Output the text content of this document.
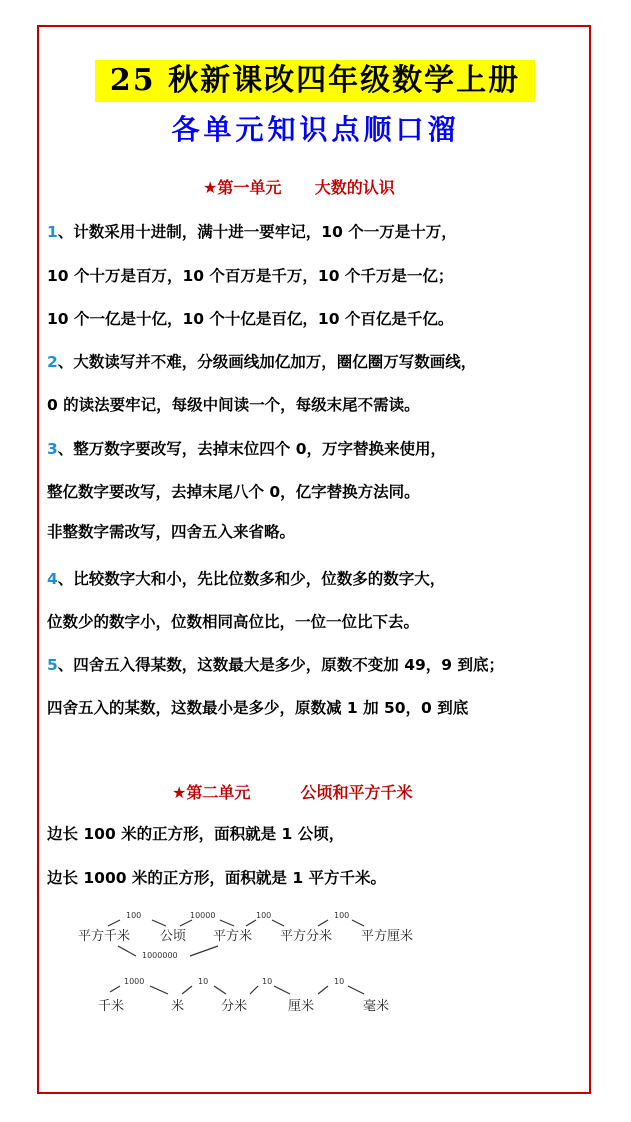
25 秋新课改四年级数学上册
各单元知识点顺口溜
★第一单元      大数的认识
1、计数采用十进制，满十进一要牢记，10 个一万是十万，
10 个十万是百万，10 个百万是千万，10 个千万是一亿；
10 个一亿是十亿，10 个十亿是百亿，10 个百亿是千亿。
2、大数读写并不难，分级画线加亿加万，圈亿圈万写数画线，
0 的读法要牢记，每级中间读一个，每级末尾不需读。
3、整万数字要改写，去掉末位四个 0，万字替换来使用，
整亿数字要改写，去掉末尾八个 0，亿字替换方法同。
非整数字需改写，四舍五入来省略。
4、比较数字大和小，先比位数多和少，位数多的数字大，
位数少的数字小，位数相同高位比，一位一位比下去。
5、四舍五入得某数，这数最大是多少，原数不变加 49，9 到底；
四舍五入的某数，这数最小是多少，原数减 1 加 50，0 到底
★第二单元         公顷和平方千米
边长 100 米的正方形，面积就是 1 公顷，
边长 1000 米的正方形，面积就是 1 平方千米。
平方千米 公顷 平方米 平方分米 平方厘米
100	10000	100	100
1000000
千米	米	分米	厘米	毫米
1000	10	10	10
